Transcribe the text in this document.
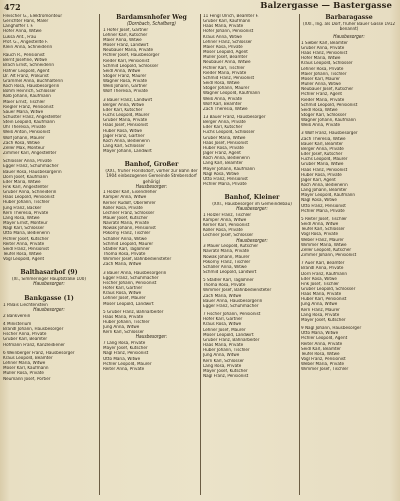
472	Balzergasse — Bastergasse
Fleischer G., Elektromonteur
Gerichter Hans, Maler
Langhoffer I. F.
Hofer Anna, Witwe
Luksa Ant., Frau
Prof. G., Angestellte F.
Klein Anna, Schneiderin
Rauch R., Pensionist
Bernt Josefine, Witwe
Brach Ernst, Schneiderin
Hafner Leopold, Agent
Dr. Alt Franz, Prokurist
Grammel Anna, Buchhalterin
Koch Rosa, Hausbesorgerin
Bohm Heinrich, Schlosser
Kolb Johann, Kaufmann
Maier Ernst, Tischler
Riegler Franz, Pensionist
Sauer Maria, Witwe
Schuster Franz, Angestellter
Stein Leopold, Kaufmann
Uhl Theresia, Private
Weiß Anton, Pensionist
Wolf Johann, Maurer
Zach Rosa, Witwe
Zeller Max, Monteur
Zimmer Karl, Angestellter
Schlosser Anna, Private
Egger Franz, Schuhmacher
Bauer Rosa, Hausbesorgerin
Dorn Josef, Kaufmann
Eder Maria, Witwe
Fink Karl, Angestellter
Gruber Anna, Schneiderin
Haas Leopold, Pensionist
Huber Johann, Tischler
Jung Franz, Bäcker
Kern Theresia, Private
Lang Rosa, Witwe
Mayer Ernst, Monteur
Nagl Karl, Schlosser
Otto Maria, Bedienerin
Pichler Josef, Kutscher
Reiter Anna, Private
Seidl Franz, Pensionist
Teufel Rosa, Witwe
Vogl Leopold, Agent
Balthasarhof (9)
(XI., Simmeringer Hauptstraße 100)
Hausbesorger:
Bankgasse (1)
1 Palais Liechtenstein
Hausbesorger:
2 Bankverein
4 Ministerium
Brandl Johann, Hausbesorger
Fischer Anna, Private
Gruber Karl, Beamter
Hofmann Franz, Kanzleidiener
6 Weinberger Franz, Hausbesorger
Kraus Leopold, Beamter
Lehner Maria, Witwe
Moser Karl, Kaufmann
Müller Rosa, Private
Neumann Josef, Portier
Bardamsnhofer Weg
(Dornbach, Schafberg)
1 Hofer Josef, Gärtner
Lehner Karl, Kutscher
Maier Anna, Witwe
Moser Franz, Landwirt
Neubauer Maria, Private
Pichler Josef, Hausbesorger
Rieder Karl, Pensionist
Schmid Leopold, Schlosser
Seidl Anna, Witwe
Stöger Franz, Maurer
Wagner Rosa, Private
Weiß Johann, Gärtner
Wolf Theresia, Private
3 Bauer Franz, Landwirt
Berger Anna, Witwe
Eder Karl, Kutscher
Fuchs Leopold, Maurer
Gruber Maria, Private
Haas Josef, Pensionist
Huber Rosa, Witwe
Jäger Franz, Gärtner
Koch Anna, Bedienerin
Lang Karl, Schlosser
Mayer Johann, Landwirt
Banhof, Großer
(XXI., früher Floridsdorf, vorher zur Bahn der 1904 einbezogenen Gemeinde Strebersdorf gehörig)
Hausbesorger:
1 Holzer Karl, Eisendreher
Kamper Anna, Witwe
Kerner Rudolf, Oberlehrer
Koller Rosa, Private
Lechner Franz, Schlosser
Mauer Josef, Kutscher
Navratil Maria, Private
Nowak Johann, Pensionist
Pokorny Franz, Tischler
Schaller Anna, Witwe
Schmid Leopold, Maurer
Stadler Karl, Taglöhner
Thoma Rosa, Private
Wimmer Josef, Bahnbediensteter
Zach Maria, Witwe
3 Bauer Anna, Hausbesorgerin
Egger Franz, Schuhmacher
Fischer Johann, Pensionist
Hofer Karl, Gärtner
Kraus Rosa, Witwe
Lehner Josef, Maurer
Moser Leopold, Landwirt
5 Gruber Franz, Bahnarbeiter
Haas Maria, Private
Huber Johann, Tischler
Jung Anna, Witwe
Kern Karl, Schlosser
Hausbesorger:
7 Lang Rosa, Private
Mayer Josef, Kutscher
Nagl Franz, Pensionist
Otto Maria, Witwe
Pichler Leopold, Maurer
Reiter Anna, Private
11 Fengl Ulrich, Beamter F.
Gruber Karl, Kaufmann
Haas Maria, Private
Hofer Johann, Pensionist
Kraus Anna, Witwe
Lehner Franz, Schlosser
Maier Rosa, Private
Moser Leopold, Agent
Müller Josef, Beamter
Neubauer Anna, Witwe
Pichler Karl, Tischler
Rieder Maria, Private
Schmid Franz, Pensionist
Seidl Rosa, Witwe
Stöger Johann, Maurer
Wagner Leopold, Kaufmann
Weiß Anna, Private
Wolf Karl, Beamter
Zach Theresia, Witwe
13 Bauer Franz, Hausbesorger
Berger Anna, Private
Eder Karl, Kutscher
Fuchs Leopold, Schlosser
Gruber Maria, Witwe
Haas Josef, Pensionist
Huber Rosa, Private
Jäger Franz, Agent
Koch Anna, Bedienerin
Lang Karl, Beamter
Mayer Johann, Kaufmann
Nagl Rosa, Witwe
Otto Franz, Pensionist
Pichler Maria, Private
Banhof, Kleiner
(XXI., Hausbesorger im Gemeindebau)
Hausbesorger:
1 Holzer Franz, Tischler
Kamper Anna, Witwe
Kerner Karl, Pensionist
Koller Rosa, Private
Lechner Josef, Schlosser
Hausbesorger:
3 Mauer Leopold, Kutscher
Navratil Maria, Private
Nowak Johann, Maurer
Pokorny Franz, Tischler
Schaller Anna, Witwe
Schmid Leopold, Landwirt
5 Stadler Karl, Taglöhner
Thoma Rosa, Private
Wimmer Josef, Bahnbediensteter
Zach Maria, Witwe
Bauer Anna, Hausbesorgerin
Egger Franz, Schuhmacher
7 Fischer Johann, Pensionist
Hofer Karl, Gärtner
Kraus Rosa, Witwe
Lehner Josef, Maurer
Moser Leopold, Landwirt
Gruber Franz, Bahnarbeiter
Haas Maria, Private
Huber Johann, Tischler
Jung Anna, Witwe
Kern Karl, Schlosser
Lang Rosa, Private
Mayer Josef, Kutscher
Nagl Franz, Pensionist
Barbaragasse
(XXI., Ing. als Dorf, früher Bauer Gasse 1912 benannt)
Hausbesorger:
1 Sieber Karl, Beamter
Gruber Anna, Private
Haas Franz, Pensionist
Hofer Maria, Witwe
Kraus Leopold, Schlosser
Lehner Rosa, Private
Maier Johann, Tischler
Moser Karl, Maurer
Müller Anna, Witwe
Neubauer Josef, Kutscher
Pichler Franz, Agent
Rieder Maria, Private
Schmid Leopold, Pensionist
Seidl Rosa, Witwe
Stöger Karl, Schlosser
Wagner Johann, Kaufmann
Weiß Anna, Private
3 Wolf Franz, Hausbesorger
Zach Theresia, Witwe
Bauer Karl, Beamter
Berger Anna, Private
Eder Josef, Kutscher
Fuchs Leopold, Maurer
Gruber Maria, Witwe
Haas Franz, Pensionist
Huber Rosa, Private
Jäger Karl, Agent
Koch Anna, Bedienerin
Lang Johann, Beamter
Mayer Leopold, Kaufmann
Nagl Rosa, Witwe
Otto Franz, Pensionist
Pichler Maria, Private
5 Reiter Josef, Tischler
Seidl Anna, Witwe
Teufel Karl, Schlosser
Vogl Rosa, Private
Weber Franz, Maurer
Wimmer Maria, Witwe
Zeller Leopold, Kutscher
Zimmer Johann, Pensionist
7 Auer Karl, Beamter
Brandl Anna, Private
Dorn Franz, Kaufmann
Eder Rosa, Witwe
Fink Josef, Tischler
Gruber Leopold, Schlosser
Haas Maria, Private
Huber Karl, Pensionist
Jung Anna, Witwe
Kern Franz, Maurer
Lang Rosa, Private
Mayer Josef, Kutscher
9 Nagl Johann, Hausbesorger
Otto Maria, Witwe
Pichler Leopold, Agent
Reiter Anna, Private
Seidl Karl, Beamter
Teufel Rosa, Witwe
Vogl Franz, Pensionist
Weber Maria, Private
Wimmer Josef, Tischler
